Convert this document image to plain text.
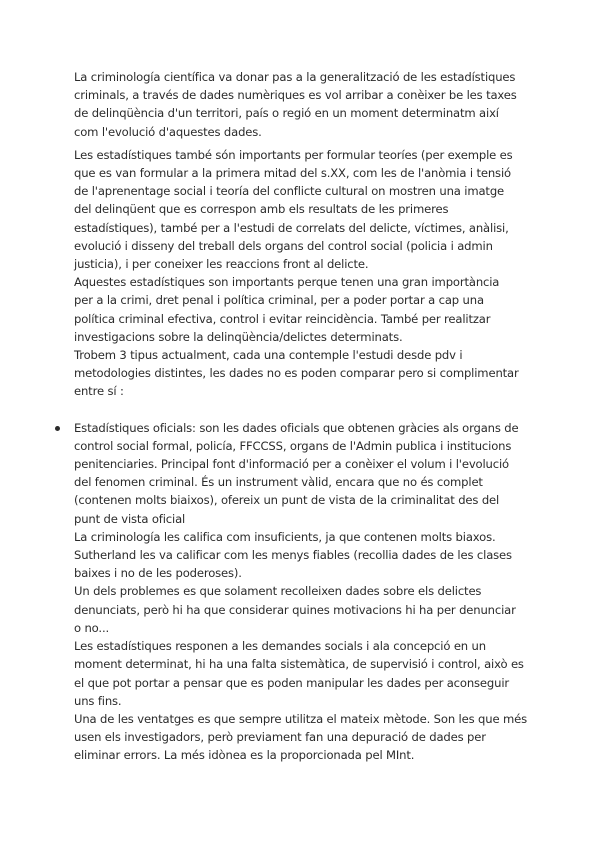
La criminología científica va donar pas a la generalització de les estadístiques
criminals, a través de dades numèriques es vol arribar a conèixer be les taxes
de delinqüència d'un territori, país o regió en un moment determinatm així
com l'evolució d'aquestes dades.

Les estadístiques també són importants per formular teoríes (per exemple es
que es van formular a la primera mitad del s.XX, com les de l'anòmia i tensió
de l'aprenentage social i teoría del conflicte cultural on mostren una imatge
del delinqüent que es correspon amb els resultats de les primeres
estadístiques), també per a l'estudi de correlats del delicte, víctimes, anàlisi,
evolució i disseny del treball dels organs del control social (policia i admin
justicia), i per coneixer les reaccions front al delicte.
Aquestes estadístiques son importants perque tenen una gran importància
per a la crimi, dret penal i política criminal, per a poder portar a cap una
política criminal efectiva, control i evitar reincidència. També per realitzar
investigacions sobre la delinqüència/delictes determinats.
Trobem 3 tipus actualment, cada una contemple l'estudi desde pdv i
metodologies distintes, les dades no es poden comparar pero si complimentar
entre sí :

Estadístiques oficials: son les dades oficials que obtenen gràcies als organs de
control social formal, policía, FFCCSS, organs de l'Admin publica i institucions
penitenciaries. Principal font d'informació per a conèixer el volum i l'evolució
del fenomen criminal. És un instrument vàlid, encara que no és complet
(contenen molts biaixos), ofereix un punt de vista de la criminalitat des del
punt de vista oficial
La criminología les califica com insuficients, ja que contenen molts biaxos.
Sutherland les va calificar com les menys fiables (recollia dades de les clases
baixes i no de les poderoses).
Un dels problemes es que solament recolleixen dades sobre els delictes
denunciats, però hi ha que considerar quines motivacions hi ha per denunciar
o no...
Les estadístiques responen a les demandes socials i ala concepció en un
moment determinat, hi ha una falta sistemàtica, de supervisió i control, això es
el que pot portar a pensar que es poden manipular les dades per aconseguir
uns fins.
Una de les ventatges es que sempre utilitza el mateix mètode. Son les que més
usen els investigadors, però previament fan una depuració de dades per
eliminar errors. La més idònea es la proporcionada pel MInt.
